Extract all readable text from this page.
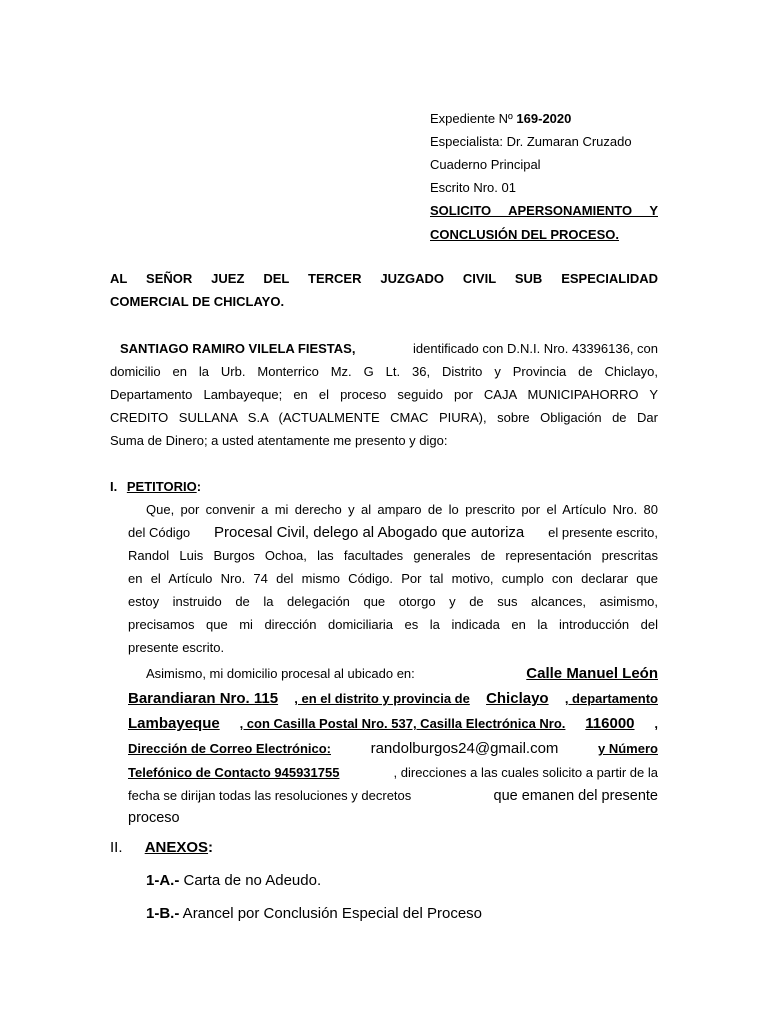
Expediente Nº 169-2020
Especialista: Dr. Zumaran Cruzado
Cuaderno Principal
Escrito Nro. 01
SOLICITO APERSONAMIENTO Y
CONCLUSIÓN DEL PROCESO.
AL SEÑOR JUEZ DEL TERCER JUZGADO CIVIL SUB ESPECIALIDAD
COMERCIAL DE CHICLAYO.
SANTIAGO RAMIRO VILELA FIESTAS,	identificado con D.N.I. Nro. 43396136, con
domicilio en la Urb. Monterrico Mz. G Lt. 36, Distrito y Provincia de Chiclayo,
Departamento Lambayeque; en el proceso seguido por CAJA MUNICIPAHORRO Y
CREDITO SULLANA S.A (ACTUALMENTE CMAC PIURA), sobre Obligación de Dar
Suma de Dinero; a usted atentamente me presento y digo:
I. PETITORIO:
Que, por convenir a mi derecho y al amparo de lo prescrito por el Artículo Nro. 80
del Código Procesal Civil, delego al Abogado que autoriza el presente escrito,
Randol Luis Burgos Ochoa, las facultades generales de representación prescritas
en el Artículo Nro. 74 del mismo Código. Por tal motivo, cumplo con declarar que
estoy instruido de la delegación que otorgo y de sus alcances, asimismo,
precisamos que mi dirección domiciliaria es la indicada en la introducción del
presente escrito.
Asimismo, mi domicilio procesal al ubicado en:	Calle Manuel León
Barandiaran Nro. 115 , en el distrito y provincia de Chiclayo , departamento
Lambayeque , con Casilla Postal Nro. 537, Casilla Electrónica Nro. 116000 ,
Dirección de Correo Electrónico:	randolburgos24@gmail.com	y Número
Telefónico de Contacto 945931755	, direcciones a las cuales solicito a partir de la
fecha se dirijan todas las resoluciones y decretos	que emanen del presente
proceso
II. ANEXOS:
1-A.- Carta de no Adeudo.
1-B.- Arancel por Conclusión Especial del Proceso
